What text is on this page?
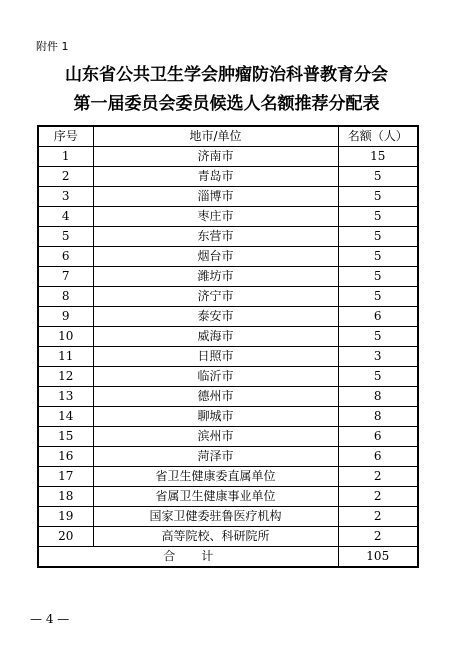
附件 1
山东省公共卫生学会肿瘤防治科普教育分会
第一届委员会委员候选人名额推荐分配表
序号	地市/单位	名额（人）
1	济南市	15
2	青岛市	5
3	淄博市	5
4	枣庄市	5
5	东营市	5
6	烟台市	5
7	潍坊市	5
8	济宁市	5
9	泰安市	6
10	威海市	5
11	日照市	3
12	临沂市	5
13	德州市	8
14	聊城市	8
15	滨州市	6
16	菏泽市	6
17	省卫生健康委直属单位	2
18	省属卫生健康事业单位	2
19	国家卫健委驻鲁医疗机构	2
20	高等院校、科研院所	2
合计		105
— 4 —
